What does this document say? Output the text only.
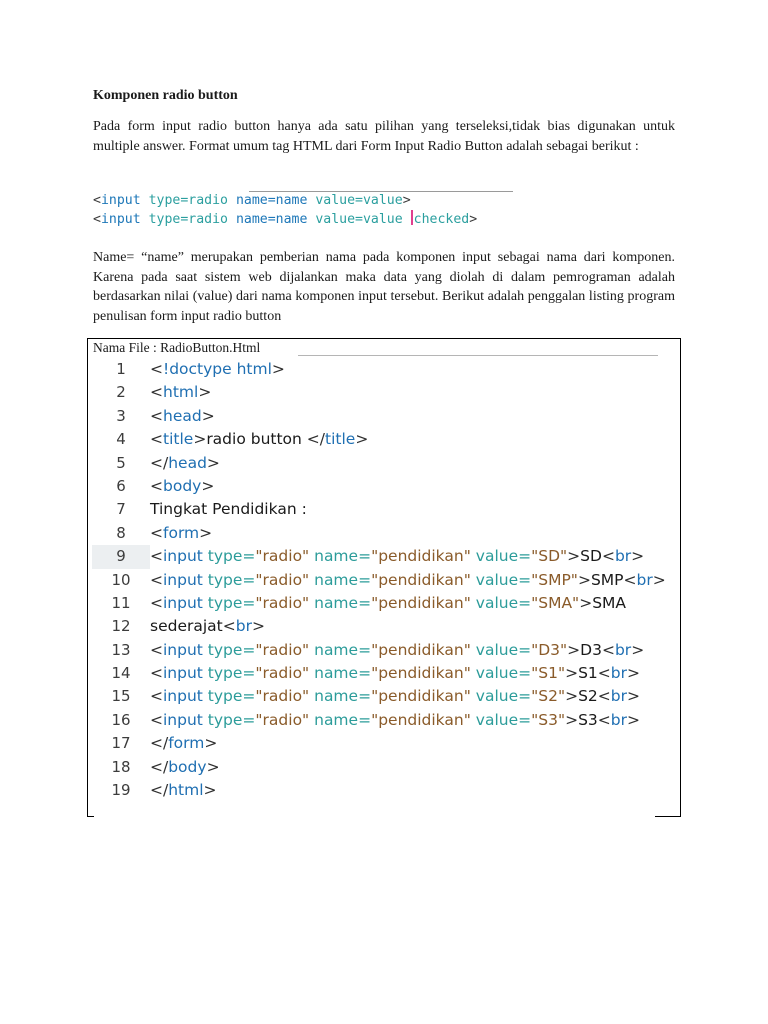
Komponen radio button
Pada form input radio button hanya ada satu pilihan yang terseleksi,tidak bias digunakan untuk multiple answer. Format umum tag HTML dari Form Input Radio Button adalah sebagai berikut :
<input type=radio name=name value=value>
<input type=radio name=name value=value checked>
Name= “name” merupakan pemberian nama pada komponen input sebagai nama dari komponen. Karena pada saat sistem web dijalankan maka data yang diolah di dalam pemrograman adalah berdasarkan nilai (value) dari nama komponen input tersebut. Berikut adalah penggalan listing program penulisan form input radio button
Nama File : RadioButton.Html
1 <!doctype html>
2 <html>
3 <head>
4 <title>radio button </title>
5 </head>
6 <body>
7 Tingkat Pendidikan :
8 <form>
9 <input type="radio" name="pendidikan" value="SD">SD<br>
10 <input type="radio" name="pendidikan" value="SMP">SMP<br>
11 <input type="radio" name="pendidikan" value="SMA">SMA
12 sederajat<br>
13 <input type="radio" name="pendidikan" value="D3">D3<br>
14 <input type="radio" name="pendidikan" value="S1">S1<br>
15 <input type="radio" name="pendidikan" value="S2">S2<br>
16 <input type="radio" name="pendidikan" value="S3">S3<br>
17 </form>
18 </body>
19 </html>
